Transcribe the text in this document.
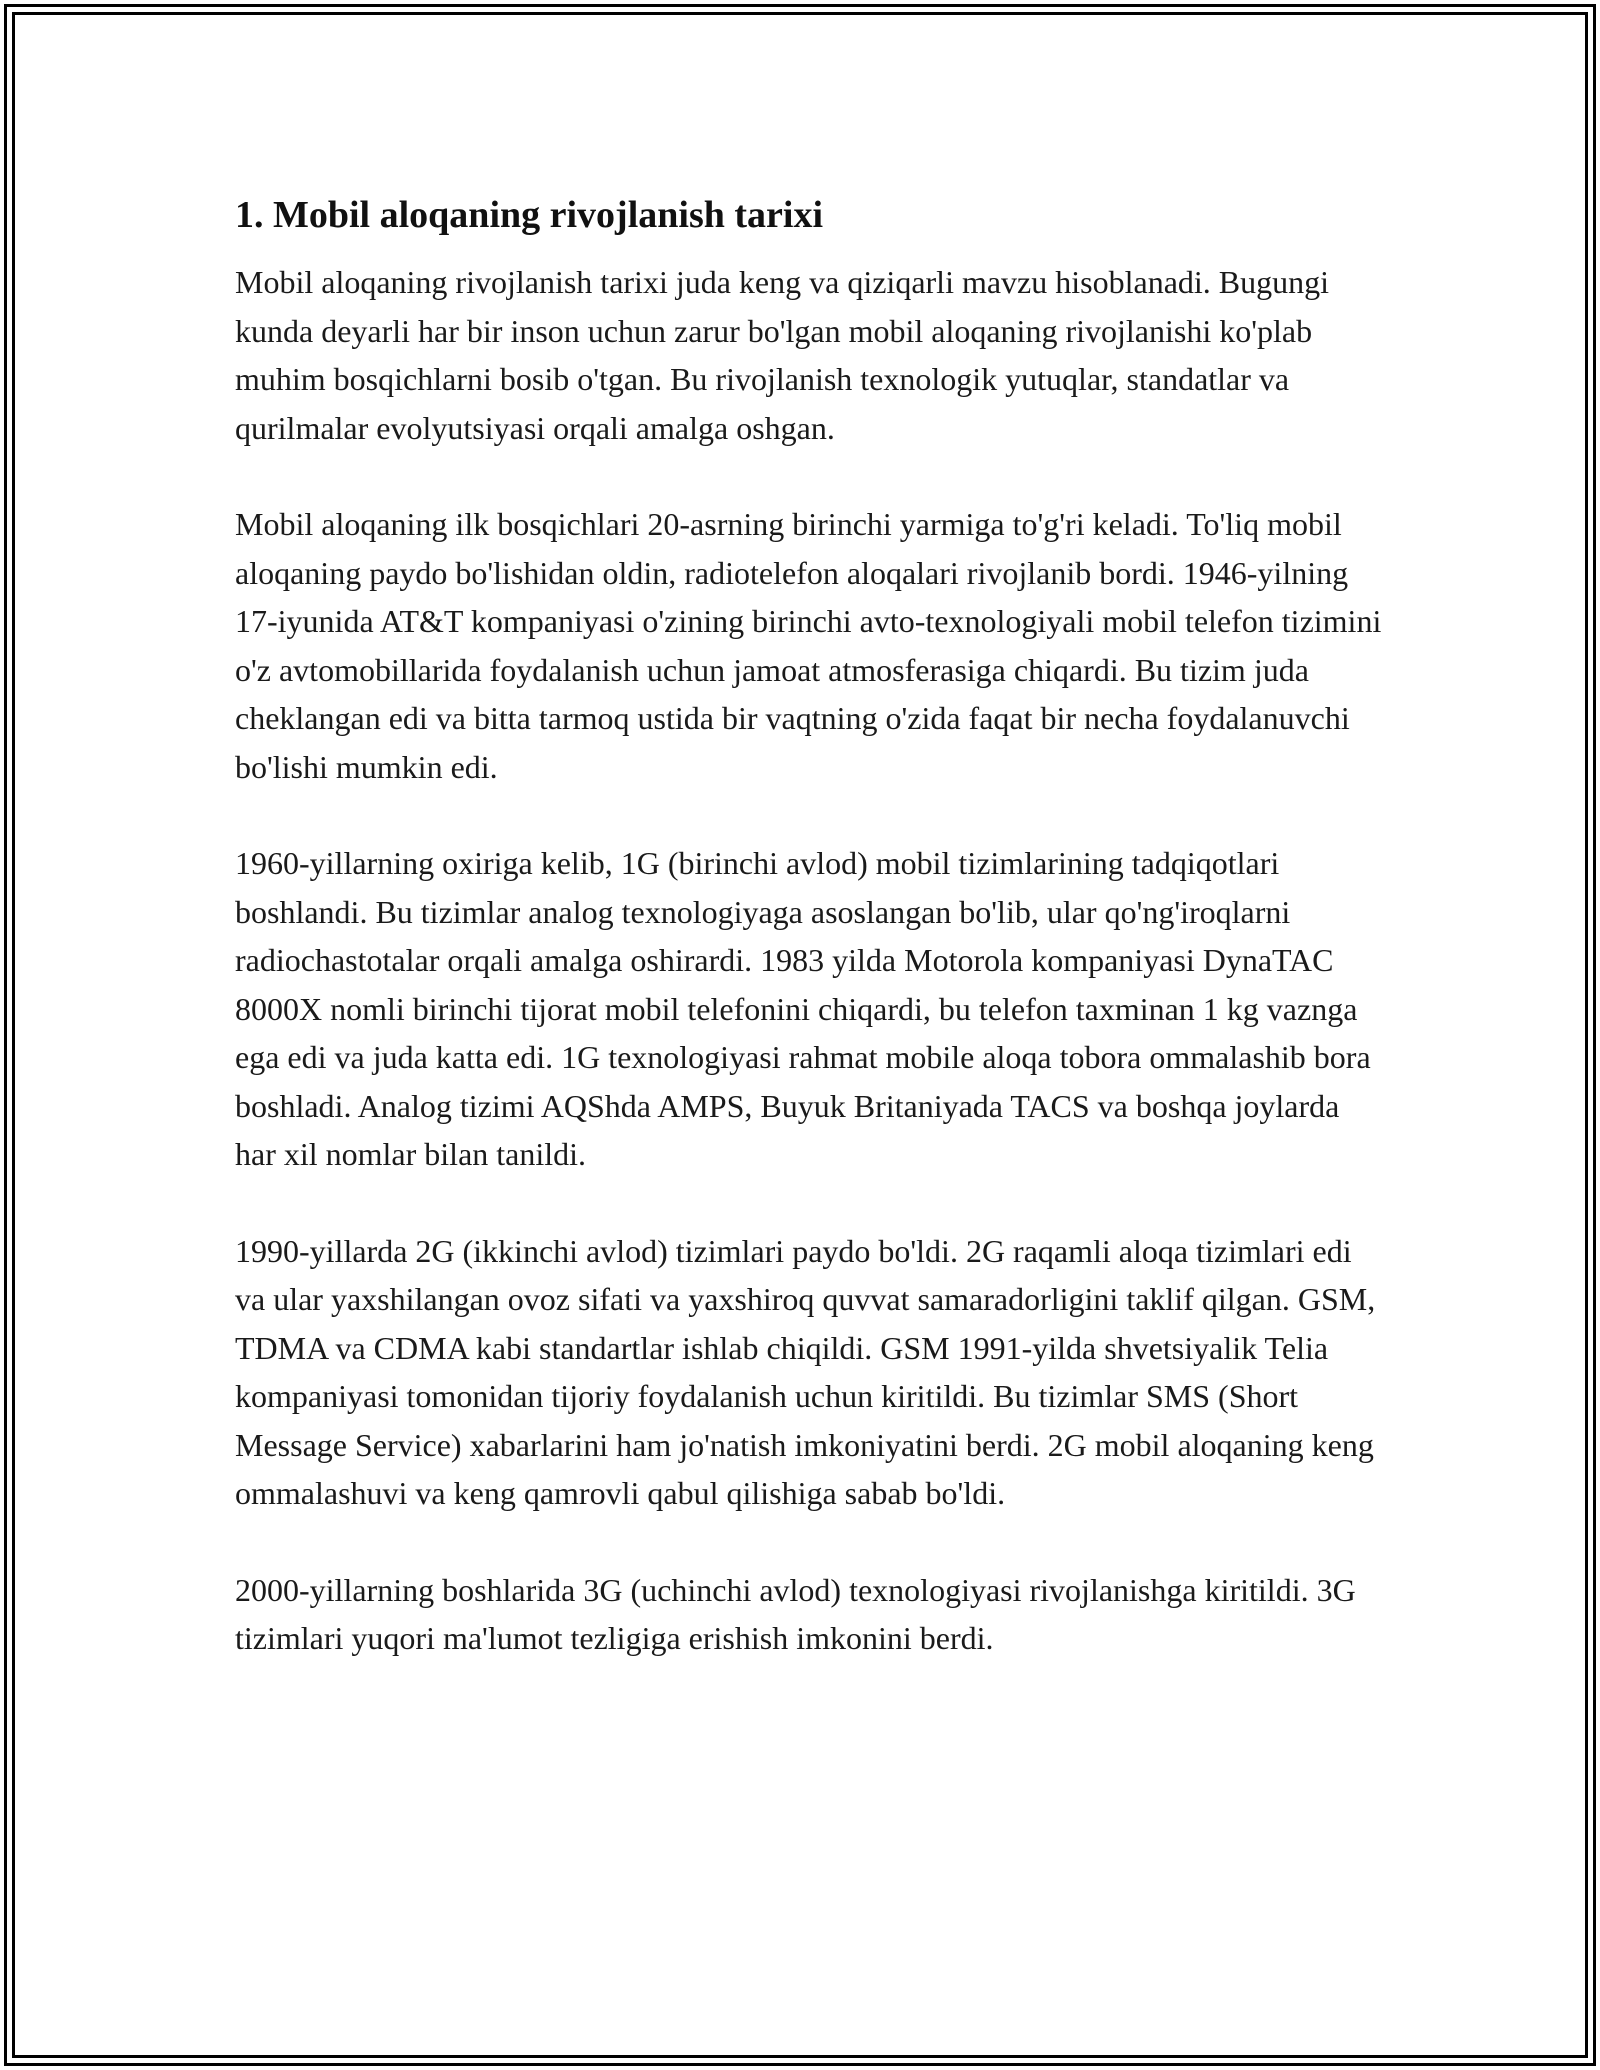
1. Mobil aloqaning rivojlanish tarixi

Mobil aloqaning rivojlanish tarixi juda keng va qiziqarli mavzu hisoblanadi. Bugungi kunda deyarli har bir inson uchun zarur bo'lgan mobil aloqaning rivojlanishi ko'plab muhim bosqichlarni bosib o'tgan. Bu rivojlanish texnologik yutuqlar, standatlar va qurilmalar evolyutsiyasi orqali amalga oshgan.

Mobil aloqaning ilk bosqichlari 20-asrning birinchi yarmiga to'g'ri keladi. To'liq mobil aloqaning paydo bo'lishidan oldin, radiotelefon aloqalari rivojlanib bordi. 1946-yilning 17-iyunida AT&T kompaniyasi o'zining birinchi avto-texnologiyali mobil telefon tizimini o'z avtomobillarida foydalanish uchun jamoat atmosferasiga chiqardi. Bu tizim juda cheklangan edi va bitta tarmoq ustida bir vaqtning o'zida faqat bir necha foydalanuvchi bo'lishi mumkin edi.

1960-yillarning oxiriga kelib, 1G (birinchi avlod) mobil tizimlarining tadqiqotlari boshlandi. Bu tizimlar analog texnologiyaga asoslangan bo'lib, ular qo'ng'iroqlarni radiochastotalar orqali amalga oshirardi. 1983 yilda Motorola kompaniyasi DynaTAC 8000X nomli birinchi tijorat mobil telefonini chiqardi, bu telefon taxminan 1 kg vaznga ega edi va juda katta edi. 1G texnologiyasi rahmat mobile aloqa tobora ommalashib bora boshladi. Analog tizimi AQShda AMPS, Buyuk Britaniyada TACS va boshqa joylarda har xil nomlar bilan tanildi.

1990-yillarda 2G (ikkinchi avlod) tizimlari paydo bo'ldi. 2G raqamli aloqa tizimlari edi va ular yaxshilangan ovoz sifati va yaxshiroq quvvat samaradorligini taklif qilgan. GSM, TDMA va CDMA kabi standartlar ishlab chiqildi. GSM 1991-yilda shvetsiyalik Telia kompaniyasi tomonidan tijoriy foydalanish uchun kiritildi. Bu tizimlar SMS (Short Message Service) xabarlarini ham jo'natish imkoniyatini berdi. 2G mobil aloqaning keng ommalashuvi va keng qamrovli qabul qilishiga sabab bo'ldi.

2000-yillarning boshlarida 3G (uchinchi avlod) texnologiyasi rivojlanishga kiritildi. 3G tizimlari yuqori ma'lumot tezligiga erishish imkonini berdi.
